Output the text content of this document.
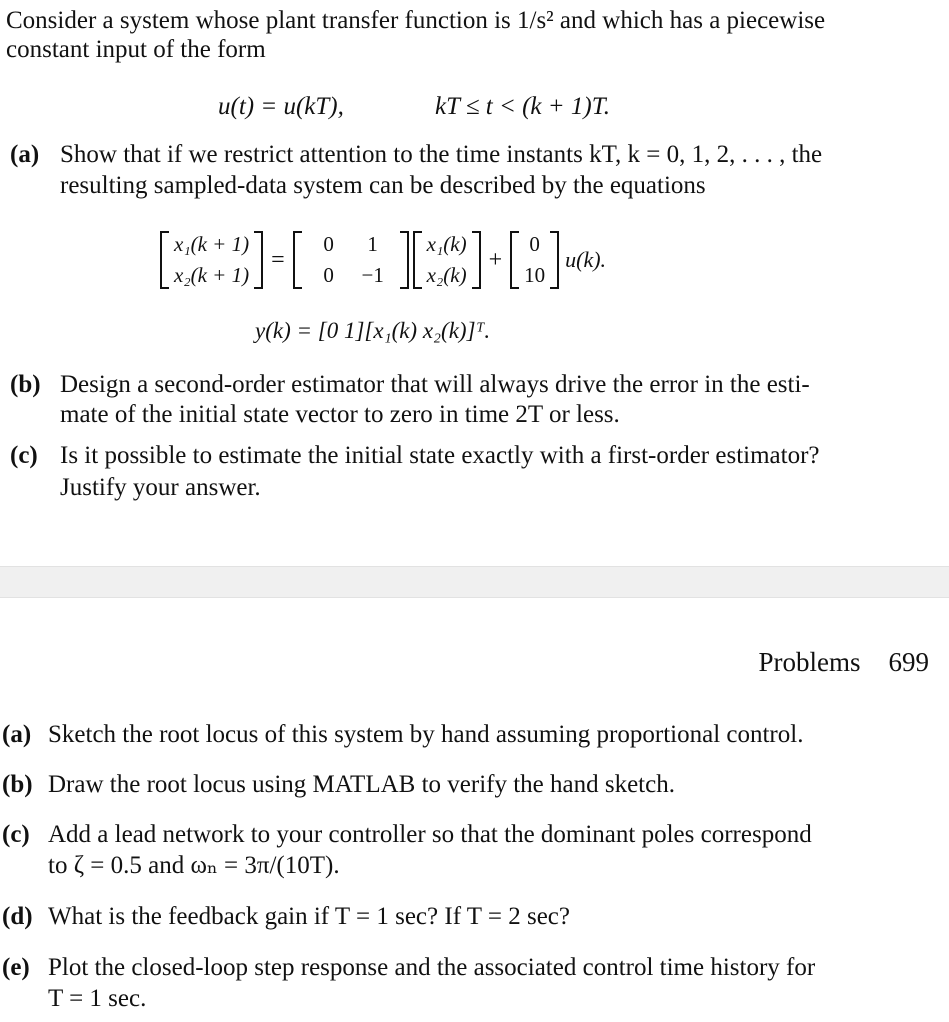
Consider a system whose plant transfer function is 1/s² and which has a piecewise
constant input of the form
u(t) = u(kT),	kT ≤ t < (k + 1)T.
(a) Show that if we restrict attention to the time instants kT, k = 0, 1, 2, . . . , the
resulting sampled-data system can be described by the equations
x₁(k + 1)
x₂(k + 1)
=
0	1
0	−1
x₁(k)
x₂(k)
+
0
10
u(k).
y(k) = [0 1][x₁(k) x₂(k)]ᵀ.
(b) Design a second-order estimator that will always drive the error in the esti-
mate of the initial state vector to zero in time 2T or less.
(c) Is it possible to estimate the initial state exactly with a first-order estimator?
Justify your answer.
Problems 699
(a) Sketch the root locus of this system by hand assuming proportional control.
(b) Draw the root locus using MATLAB to verify the hand sketch.
(c) Add a lead network to your controller so that the dominant poles correspond
to ζ = 0.5 and ωₙ = 3π/(10T).
(d) What is the feedback gain if T = 1 sec? If T = 2 sec?
(e) Plot the closed-loop step response and the associated control time history for
T = 1 sec.
